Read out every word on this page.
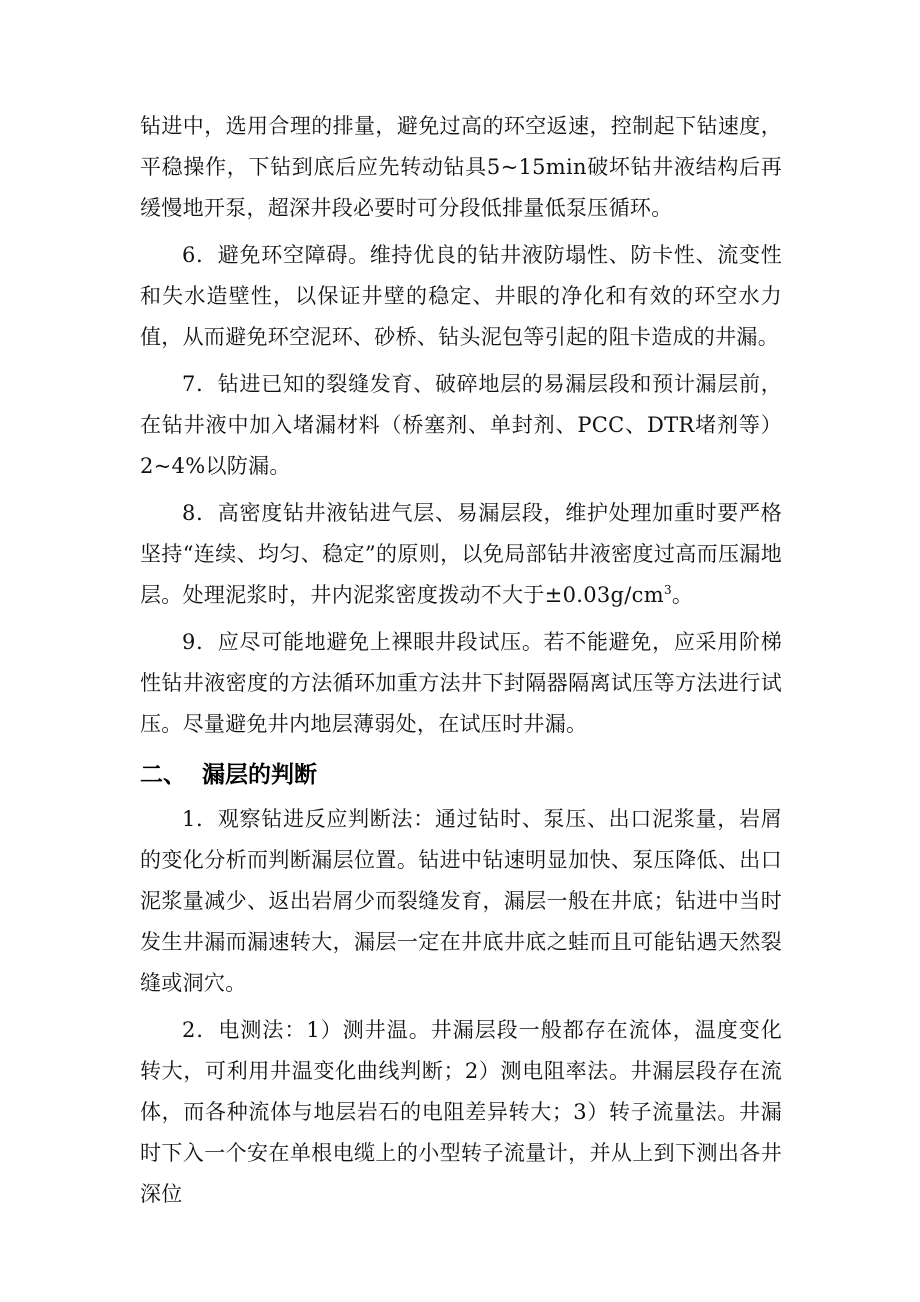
钻进中，选用合理的排量，避免过高的环空返速，控制起下钻速度，平稳操作，下钻到底后应先转动钻具5~15min破坏钻井液结构后再缓慢地开泵，超深井段必要时可分段低排量低泵压循环。

6．避免环空障碍。维持优良的钻井液防塌性、防卡性、流变性和失水造壁性，以保证井壁的稳定、井眼的净化和有效的环空水力值，从而避免环空泥环、砂桥、钻头泥包等引起的阻卡造成的井漏。

7．钻进已知的裂缝发育、破碎地层的易漏层段和预计漏层前，在钻井液中加入堵漏材料（桥塞剂、单封剂、PCC、DTR堵剂等）2~4%以防漏。

8．高密度钻井液钻进气层、易漏层段，维护处理加重时要严格坚持“连续、均匀、稳定”的原则，以免局部钻井液密度过高而压漏地层。处理泥浆时，井内泥浆密度拨动不大于$\pm 0.03g/cm^3$。

9．应尽可能地避免上裸眼井段试压。若不能避免，应采用阶梯性钻井液密度的方法循环加重方法井下封隔器隔离试压等方法进行试压。尽量避免井内地层薄弱处，在试压时井漏。

二、 漏层的判断

1．观察钻进反应判断法：通过钻时、泵压、出口泥浆量，岩屑的变化分析而判断漏层位置。钻进中钻速明显加快、泵压降低、出口泥浆量减少、返出岩屑少而裂缝发育，漏层一般在井底；钻进中当时发生井漏而漏速转大，漏层一定在井底井底之蛙而且可能钻遇天然裂缝或洞穴。

2．电测法：1）测井温。井漏层段一般都存在流体，温度变化转大，可利用井温变化曲线判断；2）测电阻率法。井漏层段存在流体，而各种流体与地层岩石的电阻差异转大；3）转子流量法。井漏时下入一个安在单根电缆上的小型转子流量计，并从上到下测出各井深位
